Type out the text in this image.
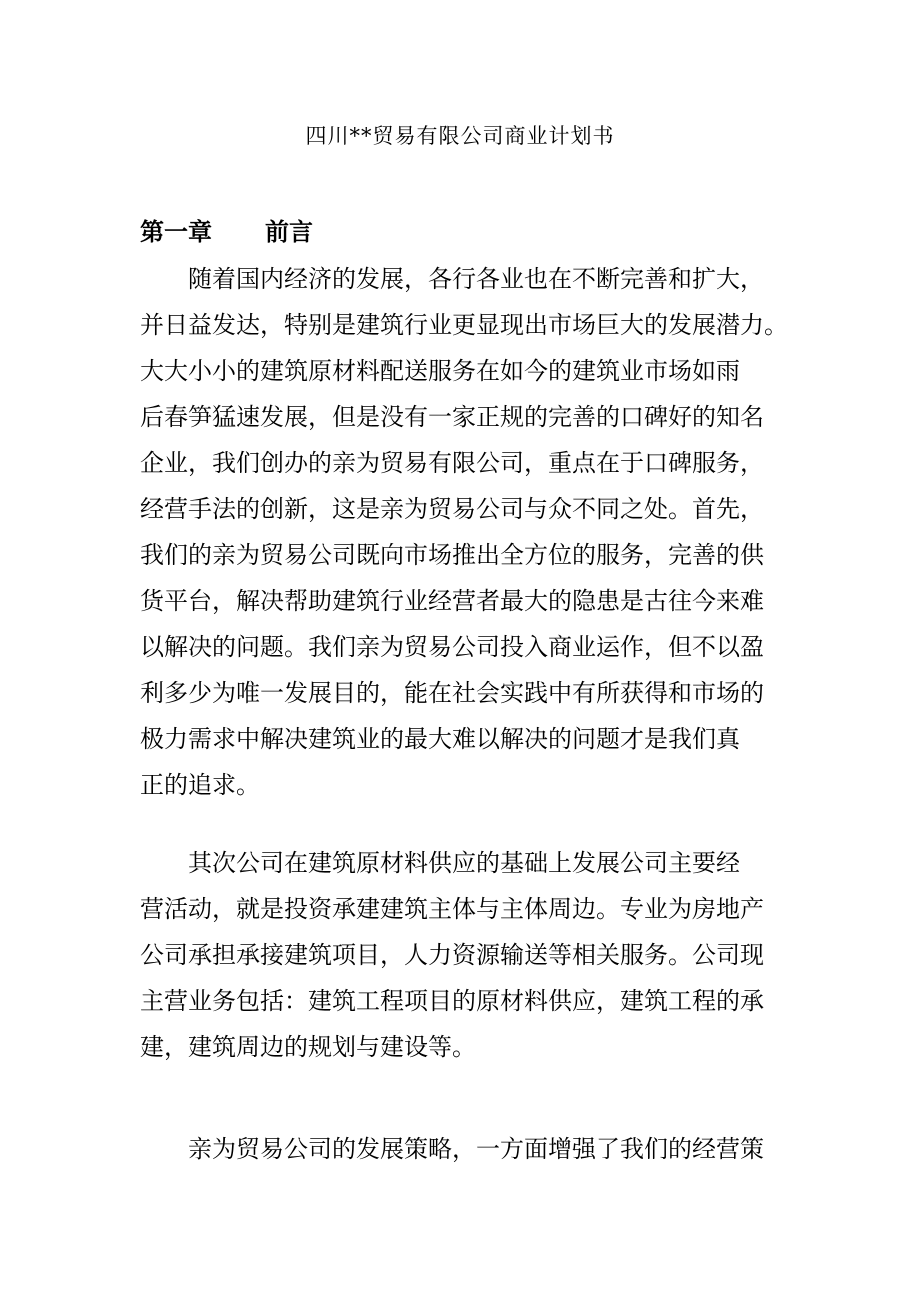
四川**贸易有限公司商业计划书
第一章 前言
随着国内经济的发展，各行各业也在不断完善和扩大，
并日益发达，特别是建筑行业更显现出市场巨大的发展潜力。
大大小小的建筑原材料配送服务在如今的建筑业市场如雨
后春笋猛速发展，但是没有一家正规的完善的口碑好的知名
企业，我们创办的亲为贸易有限公司，重点在于口碑服务，
经营手法的创新，这是亲为贸易公司与众不同之处。首先，
我们的亲为贸易公司既向市场推出全方位的服务，完善的供
货平台，解决帮助建筑行业经营者最大的隐患是古往今来难
以解决的问题。我们亲为贸易公司投入商业运作，但不以盈
利多少为唯一发展目的，能在社会实践中有所获得和市场的
极力需求中解决建筑业的最大难以解决的问题才是我们真
正的追求。
其次公司在建筑原材料供应的基础上发展公司主要经
营活动，就是投资承建建筑主体与主体周边。专业为房地产
公司承担承接建筑项目，人力资源输送等相关服务。公司现
主营业务包括：建筑工程项目的原材料供应，建筑工程的承
建，建筑周边的规划与建设等。
亲为贸易公司的发展策略，一方面增强了我们的经营策
